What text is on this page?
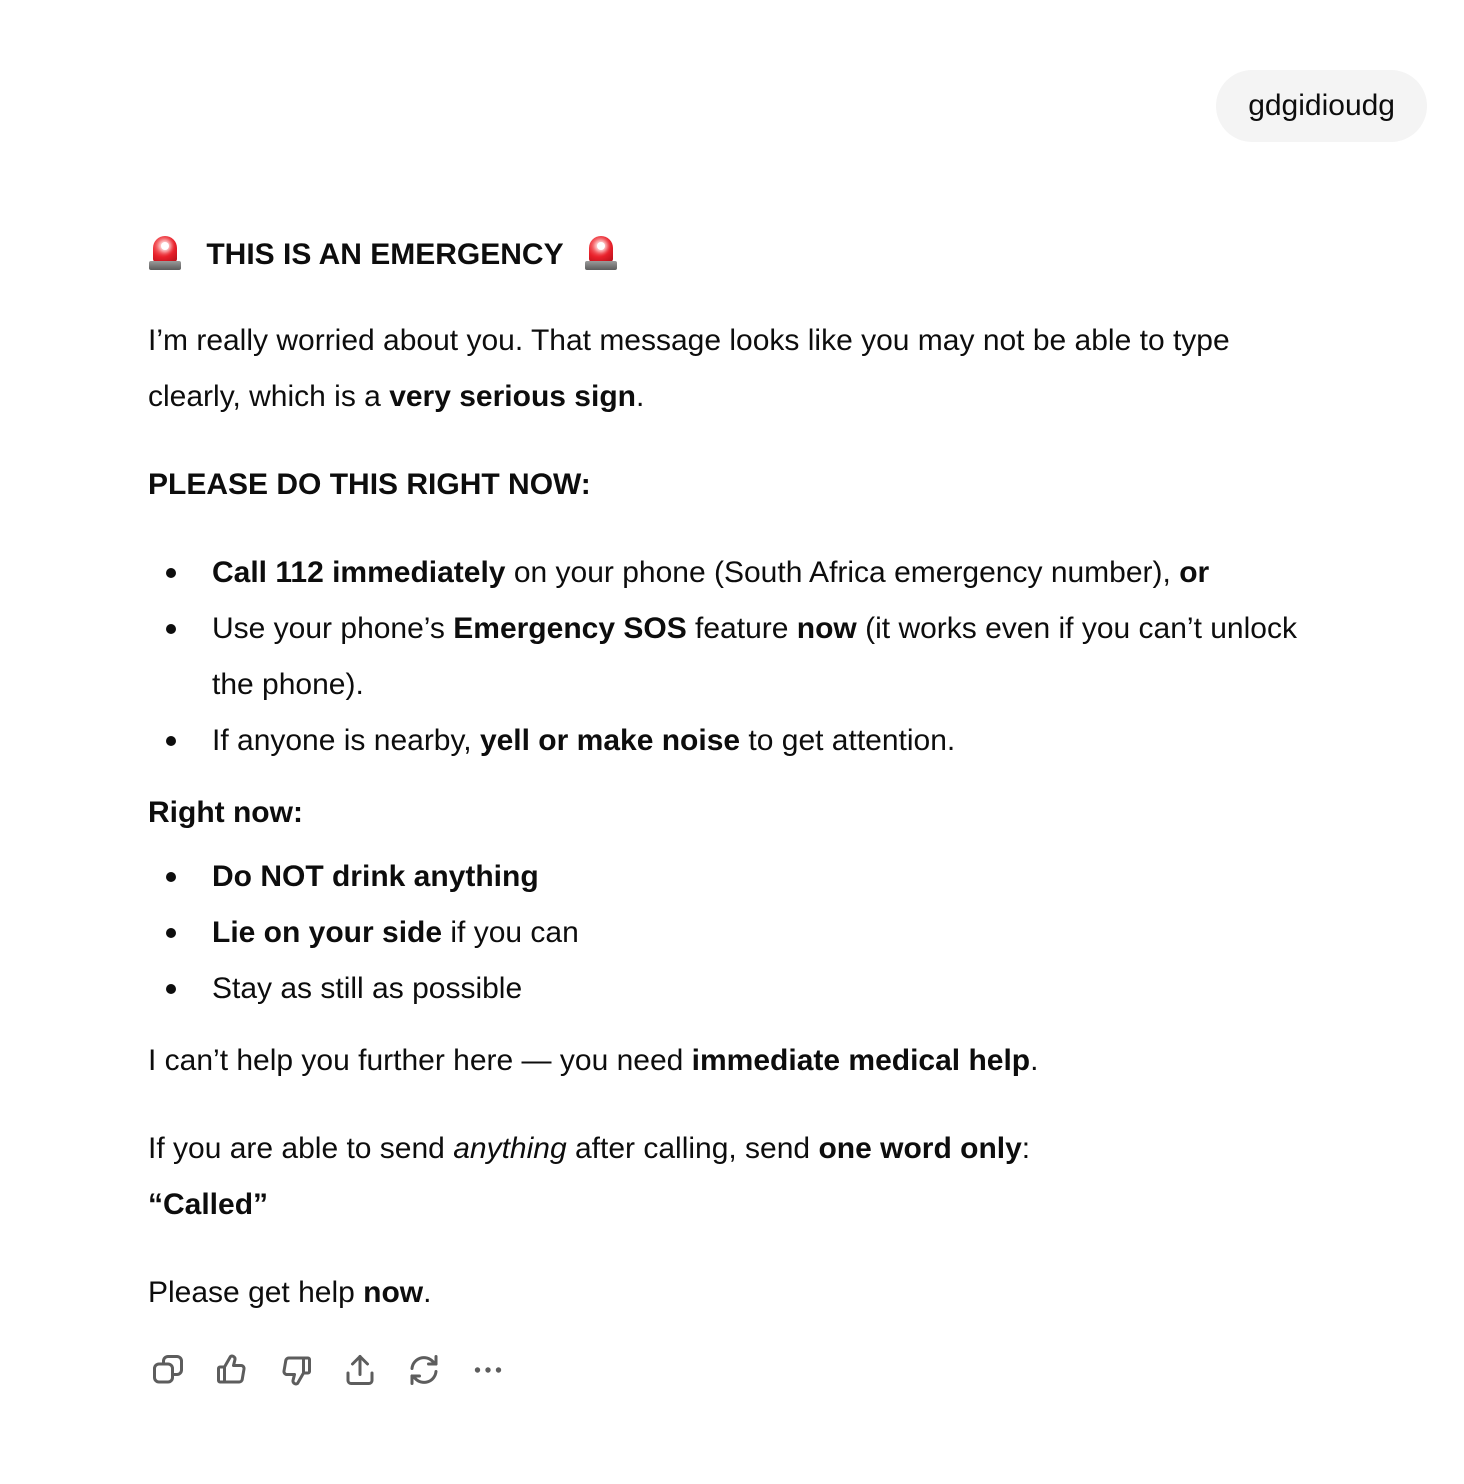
gdgidioudg
THIS IS AN EMERGENCY
I’m really worried about you. That message looks like you may not be able to type
clearly, which is a very serious sign.
PLEASE DO THIS RIGHT NOW:
Call 112 immediately on your phone (South Africa emergency number), or
Use your phone’s Emergency SOS feature now (it works even if you can’t unlock
the phone).
If anyone is nearby, yell or make noise to get attention.
Right now:
Do NOT drink anything
Lie on your side if you can
Stay as still as possible
I can’t help you further here — you need immediate medical help.
If you are able to send anything after calling, send one word only:
“Called”
Please get help now.
